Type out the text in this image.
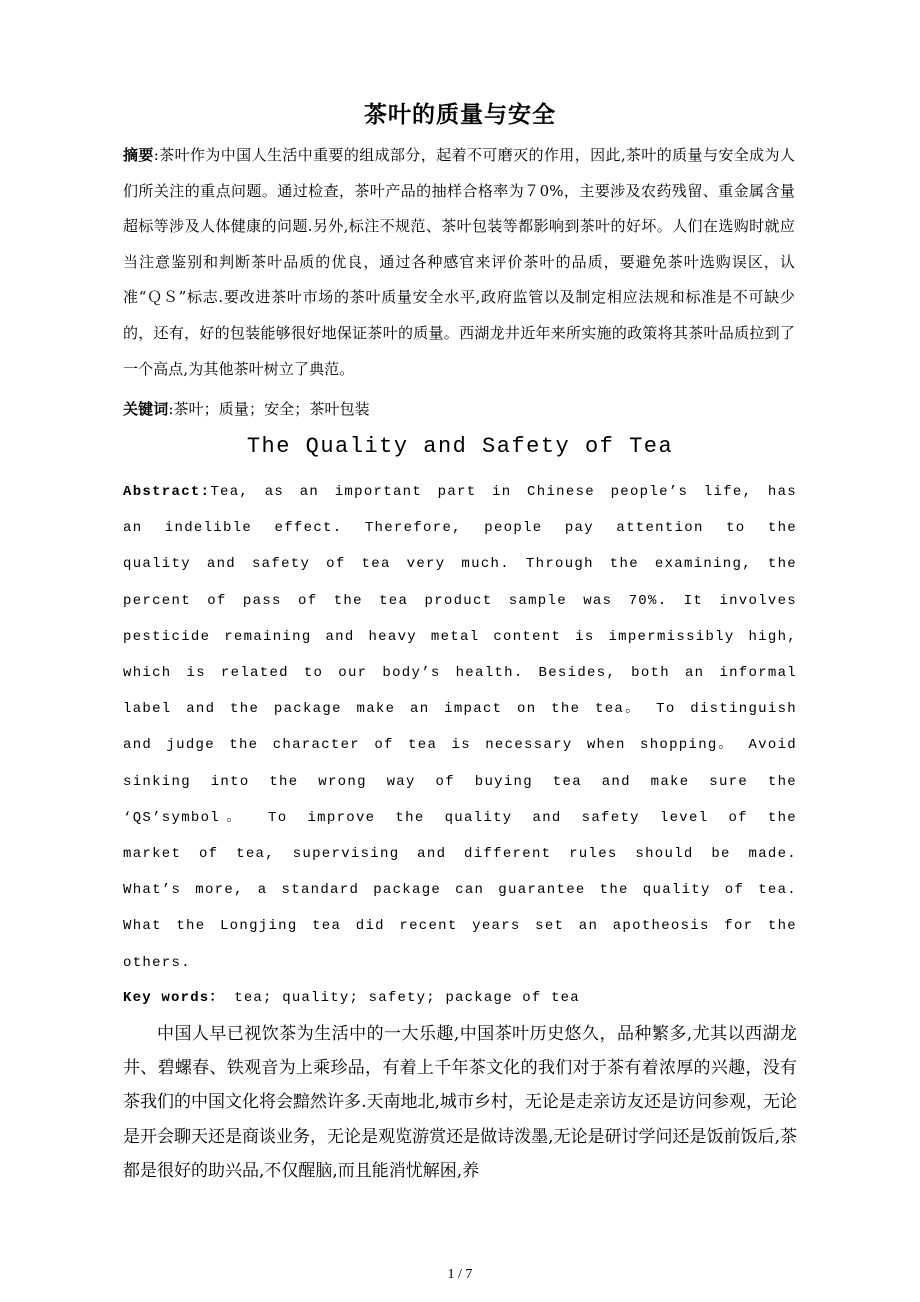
茶叶的质量与安全
摘要:茶叶作为中国人生活中重要的组成部分，起着不可磨灭的作用，因此,茶叶的质量与安全成为人们所关注的重点问题。通过检查，茶叶产品的抽样合格率为７0%，主要涉及农药残留、重金属含量超标等涉及人体健康的问题.另外,标注不规范、茶叶包装等都影响到茶叶的好坏。人们在选购时就应当注意鉴别和判断茶叶品质的优良，通过各种感官来评价茶叶的品质，要避免茶叶选购误区，认准“ＱＳ”标志.要改进茶叶市场的茶叶质量安全水平,政府监管以及制定相应法规和标准是不可缺少的，还有，好的包装能够很好地保证茶叶的质量。西湖龙井近年来所实施的政策将其茶叶品质拉到了一个高点,为其他茶叶树立了典范。
关键词:茶叶；质量；安全；茶叶包装
The Quality and Safety of Tea
Abstract:Tea, as an important part in Chinese people’s life, has an indelible effect. Therefore, people pay attention to the quality and safety of tea very much. Through the examining, the percent of pass of the tea product sample was 70%. It involves pesticide remaining and heavy metal content is impermissibly high, which is related to our body’s health. Besides, both an informal label and the package make an impact on the tea。 To distinguish and judge the character of tea is necessary when shopping。 Avoid sinking into the wrong way of buying tea and make sure the ‘QS’symbol。 To improve the quality and safety level of the market of tea, supervising and different rules should be made. What’s more, a standard package can guarantee the quality of tea. What the Longjing tea did recent years set an apotheosis for the others.
Key words： tea; quality; safety; package of tea
中国人早已视饮茶为生活中的一大乐趣,中国茶叶历史悠久，品种繁多,尤其以西湖龙井、碧螺春、铁观音为上乘珍品，有着上千年茶文化的我们对于茶有着浓厚的兴趣，没有茶我们的中国文化将会黯然许多.天南地北,城市乡村，无论是走亲访友还是访问参观，无论是开会聊天还是商谈业务，无论是观览游赏还是做诗泼墨,无论是研讨学问还是饭前饭后,茶都是很好的助兴品,不仅醒脑,而且能消忧解困,养
1 / 7
